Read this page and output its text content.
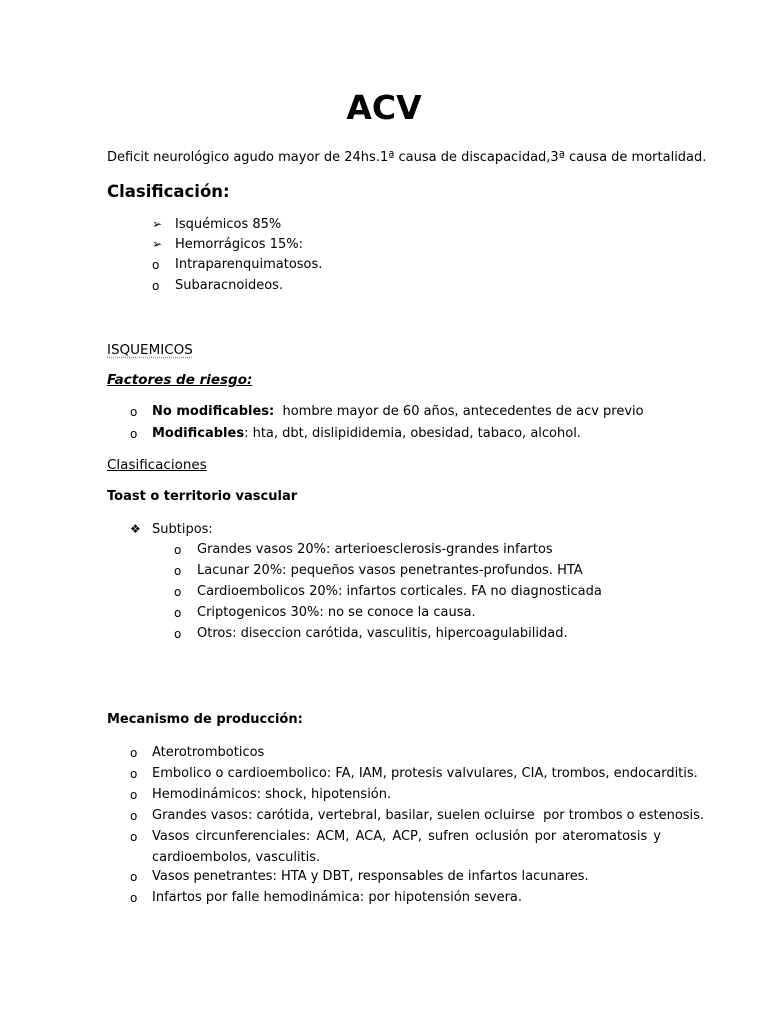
ACV
Deficit neurológico agudo mayor de 24hs.1ª causa de discapacidad,3ª causa de mortalidad.
Clasificación:
➢ Isquémicos 85%
➢ Hemorrágicos 15%:
o Intraparenquimatosos.
o Subaracnoideos.
ISQUEMICOS
Factores de riesgo:
o No modificables:  hombre mayor de 60 años, antecedentes de acv previo
o Modificables: hta, dbt, dislipididemia, obesidad, tabaco, alcohol.
Clasificaciones
Toast o territorio vascular
❖ Subtipos:
o Grandes vasos 20%: arterioesclerosis-grandes infartos
o Lacunar 20%: pequeños vasos penetrantes-profundos. HTA
o Cardioembolicos 20%: infartos corticales. FA no diagnosticada
o Criptogenicos 30%: no se conoce la causa.
o Otros: diseccion carótida, vasculitis, hipercoagulabilidad.
Mecanismo de producción:
o Aterotromboticos
o Embolico o cardioembolico: FA, IAM, protesis valvulares, CIA, trombos, endocarditis.
o Hemodinámicos: shock, hipotensión.
o Grandes vasos: carótida, vertebral, basilar, suelen ocluirse  por trombos o estenosis.
o Vasos circunferenciales: ACM, ACA, ACP, sufren oclusión por ateromatosis y
cardioembolos, vasculitis.
o Vasos penetrantes: HTA y DBT, responsables de infartos lacunares.
o Infartos por falle hemodinámica: por hipotensión severa.
